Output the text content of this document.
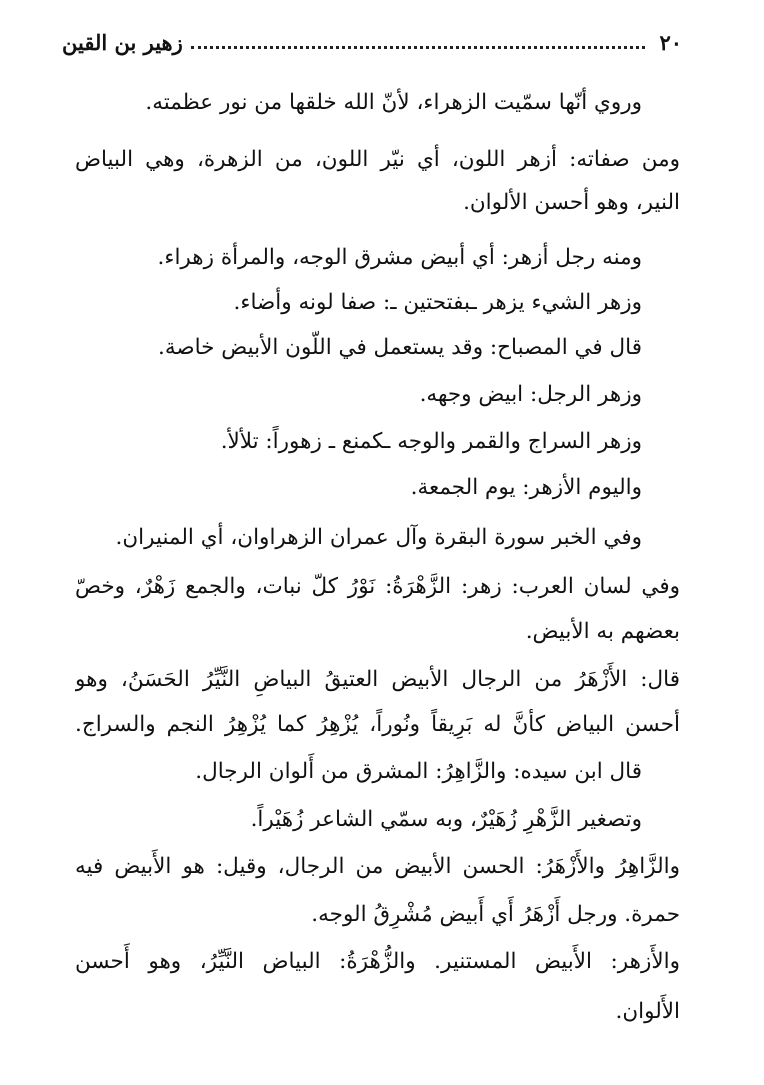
٢٠
زهير بن القين
وروي أنّها سمّيت الزهراء، لأنّ الله خلقها من نور عظمته.
ومن صفاته: أزهر اللون، أي نيّر اللون، من الزهرة، وهي البياض
النير، وهو أحسن الألوان.
ومنه رجل أزهر: أي أبيض مشرق الوجه، والمرأة زهراء.
وزهر الشيء يزهر ـبفتحتين ـ: صفا لونه وأضاء.
قال في المصباح: وقد يستعمل في اللّون الأبيض خاصة.
وزهر الرجل: ابيض وجهه.
وزهر السراج والقمر والوجه ـكمنع ـ زهوراً: تلألأ.
واليوم الأزهر: يوم الجمعة.
وفي الخبر سورة البقرة وآل عمران الزهراوان، أي المنيران.
وفي لسان العرب: زهر: الزَّهْرَةُ: نَوْرُ كلّ نبات، والجمع زَهْرٌ، وخصّ
بعضهم به الأبيض.
قال: الأَزْهَرُ من الرجال الأبيض العتيقُ البياضِ النَّيِّرُ الحَسَنُ، وهو
أحسن البياض كأنَّ له بَرِيقاً ونُوراً، يُزْهِرُ كما يُزْهِرُ النجم والسراج.
قال ابن سيده: والزَّاهِرُ: المشرق من أَلوان الرجال.
وتصغير الزَّهْرِ زُهَيْرٌ، وبه سمّي الشاعر زُهَيْراً.
والزَّاهِرُ والأَزْهَرُ: الحسن الأبيض من الرجال، وقيل: هو الأَبيض فيه
حمرة. ورجل أَزْهَرُ أَي أَبيض مُشْرِقُ الوجه.
والأَزهر: الأَبيض المستنير. والزُّهْرَةُ: البياض النَّيِّرُ، وهو أَحسن
الأَلوان.
